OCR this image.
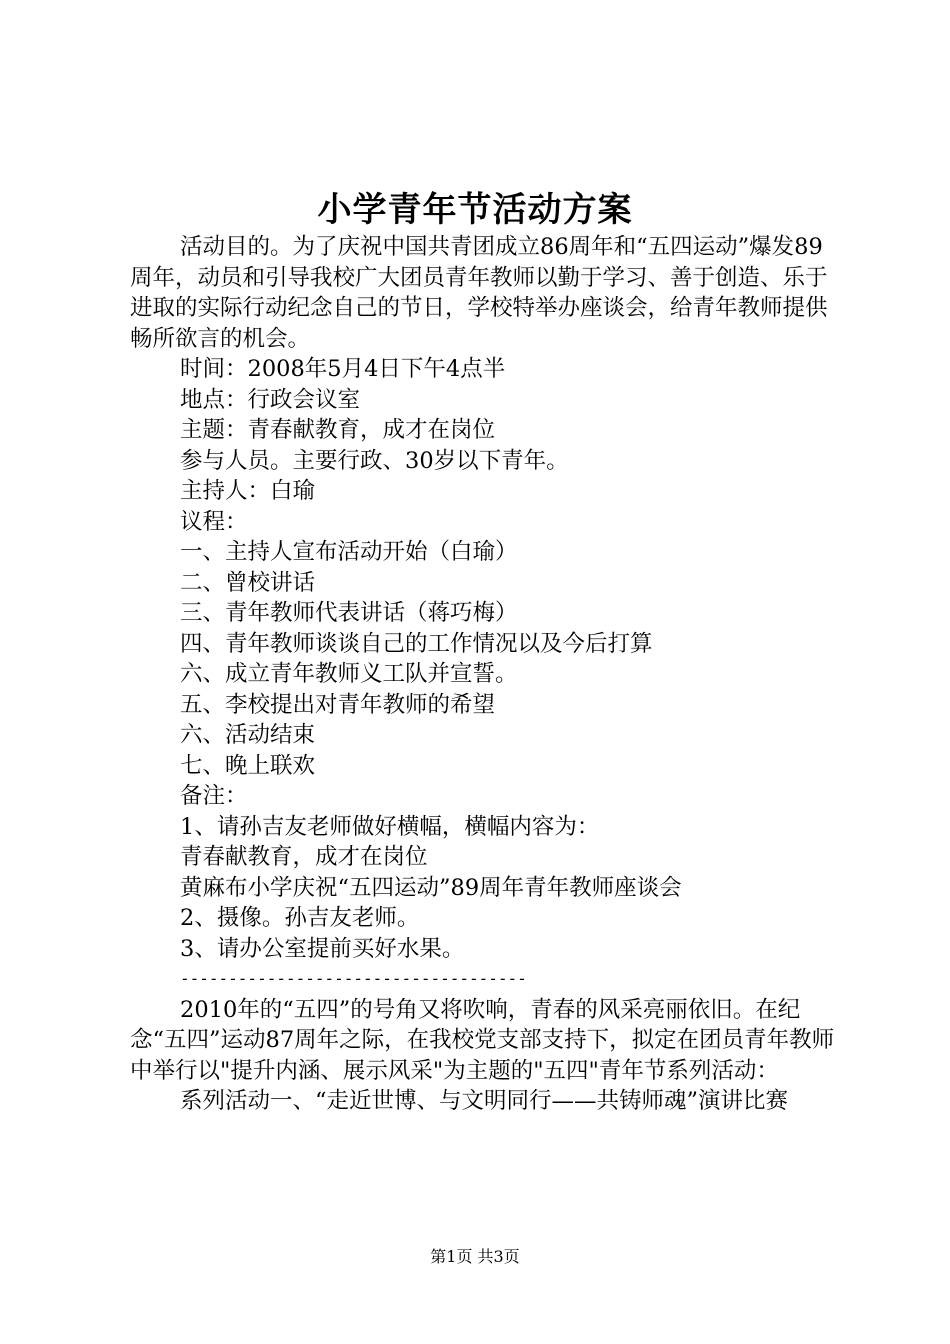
小学青年节活动方案

活动目的。为了庆祝中国共青团成立86周年和“五四运动”爆发89周年，动员和引导我校广大团员青年教师以勤于学习、善于创造、乐于进取的实际行动纪念自己的节日，学校特举办座谈会，给青年教师提供畅所欲言的机会。

时间：2008年5月4日下午4点半

地点：行政会议室

主题：青春献教育，成才在岗位

参与人员。主要行政、30岁以下青年。

主持人：白瑜

议程：

一、主持人宣布活动开始（白瑜）

二、曾校讲话

三、青年教师代表讲话（蒋巧梅）

四、青年教师谈谈自己的工作情况以及今后打算

六、成立青年教师义工队并宣誓。

五、李校提出对青年教师的希望

六、活动结束

七、晚上联欢

备注：

1、请孙吉友老师做好横幅，横幅内容为：

青春献教育，成才在岗位

黄麻布小学庆祝“五四运动”89周年青年教师座谈会

2、摄像。孙吉友老师。

3、请办公室提前买好水果。

------------------------------------

2010年的“五四”的号角又将吹响，青春的风采亮丽依旧。在纪念“五四”运动87周年之际，在我校党支部支持下，拟定在团员青年教师中举行以"提升内涵、展示风采"为主题的"五四"青年节系列活动：

系列活动一、“走近世博、与文明同行——共铸师魂”演讲比赛

第1页 共3页
